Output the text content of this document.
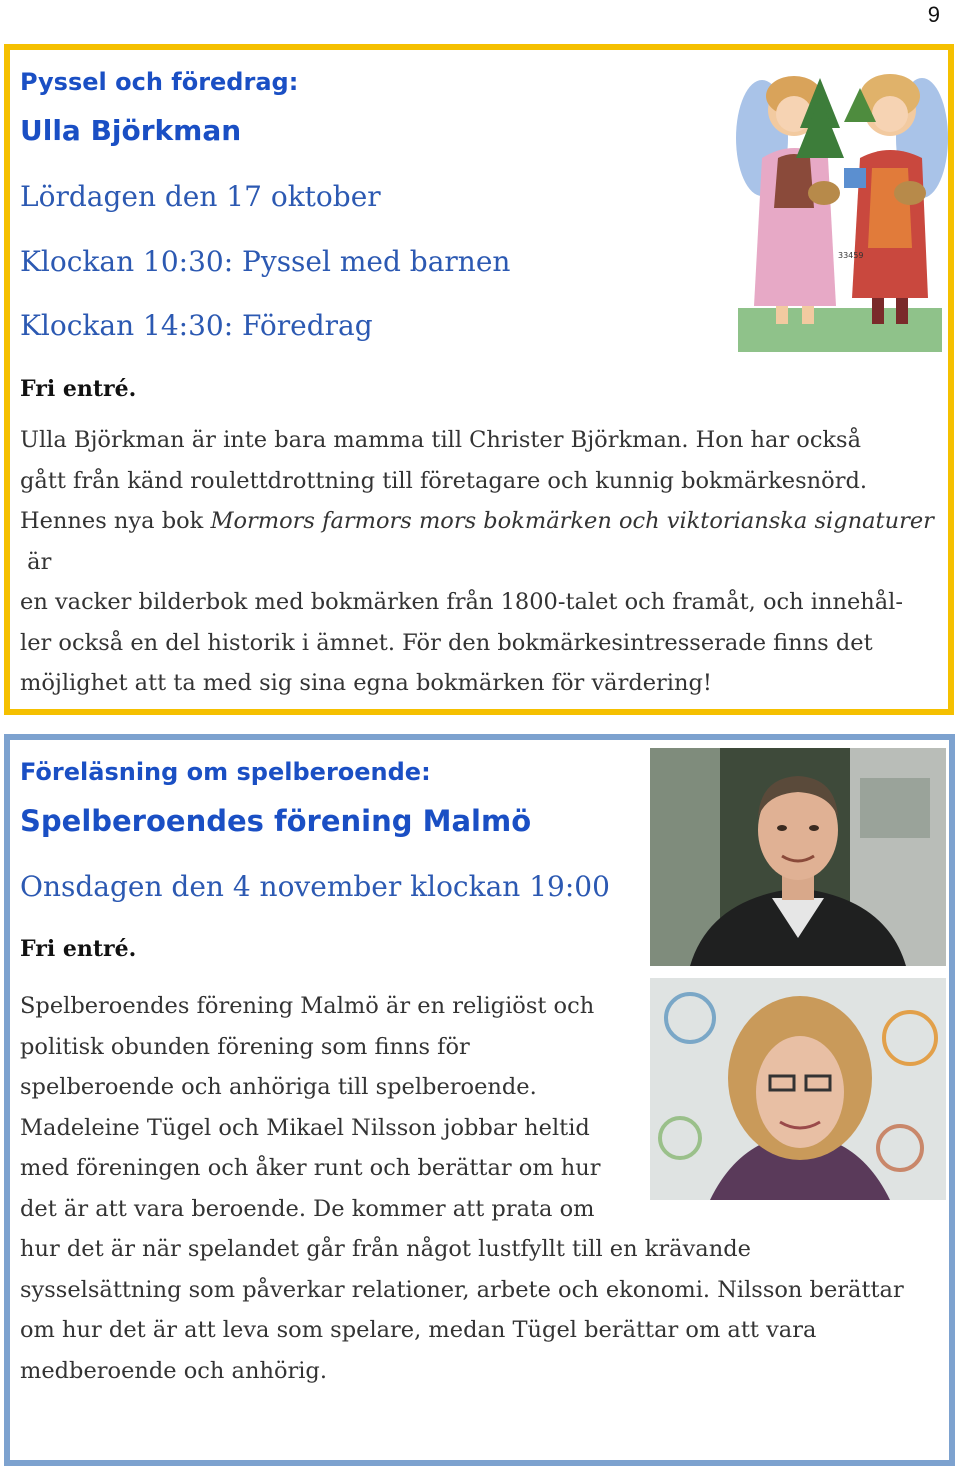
9
Pyssel och föredrag:
Ulla Björkman
Lördagen den 17 oktober
Klockan 10:30: Pyssel med barnen
Klockan 14:30: Föredrag
Fri entré.
Ulla Björkman är inte bara mamma till Christer Björkman. Hon har också
gått från känd roulettdrottning till företagare och kunnig bokmärkesnörd.
Hennes nya bok Mormors farmors mors bokmärken och viktorianska signaturer är
en vacker bilderbok med bokmärken från 1800-talet och framåt, och innehål-
ler också en del historik i ämnet. För den bokmärkesintresserade finns det
möjlighet att ta med sig sina egna bokmärken för värdering!
33459
Föreläsning om spelberoende:
Spelberoendes förening Malmö
Onsdagen den 4 november klockan 19:00
Fri entré.
Spelberoendes förening Malmö är en religiöst och
politisk obunden förening som finns för
spelberoende och anhöriga till spelberoende.
Madeleine Tügel och Mikael Nilsson jobbar heltid
med föreningen och åker runt och berättar om hur
det är att vara beroende. De kommer att prata om
hur det är när spelandet går från något lustfyllt till en krävande
sysselsättning som påverkar relationer, arbete och ekonomi. Nilsson berättar
om hur det är att leva som spelare, medan Tügel berättar om att vara
medberoende och anhörig.
